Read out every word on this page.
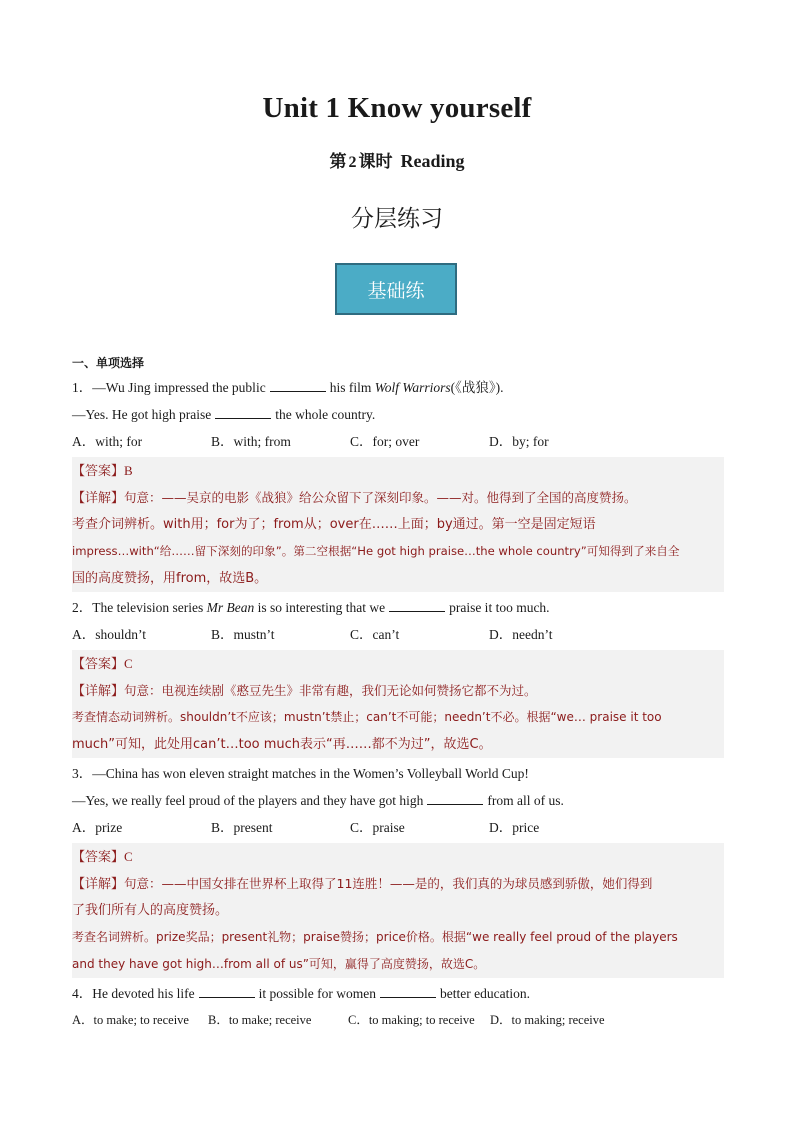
Unit 1 Know yourself
第 2 课时 Reading
分层练习
基础练
一、单项选择
1．—Wu Jing impressed the public	his film Wolf Warriors(《战狼》).
—Yes. He got high praise	the whole country.
A．with; for	B．with; from	C．for; over	D．by; for
【答案】B
【详解】句意：——吴京的电影《战狼》给公众留下了深刻印象。——对。他得到了全国的高度赞扬。
考查介词辨析。with用；for为了；from从；over在……上面；by通过。第一空是固定短语
impress…with“给……留下深刻的印象”。第二空根据“He got high praise…the whole country”可知得到了来自全
国的高度赞扬，用from，故选B。
2．The television series Mr Bean is so interesting that we	praise it too much.
A．shouldn’t	B．mustn’t	C．can’t	D．needn’t
【答案】C
【详解】句意：电视连续剧《憨豆先生》非常有趣，我们无论如何赞扬它都不为过。
考查情态动词辨析。shouldn’t不应该；mustn’t禁止；can’t不可能；needn’t不必。根据“we… praise it too
much”可知，此处用can’t…too much表示“再……都不为过”，故选C。
3．—China has won eleven straight matches in the Women’s Volleyball World Cup!
—Yes, we really feel proud of the players and they have got high	from all of us.
A．prize	B．present	C．praise	D．price
【答案】C
【详解】句意：——中国女排在世界杯上取得了11连胜！——是的，我们真的为球员感到骄傲，她们得到
了我们所有人的高度赞扬。
考查名词辨析。prize奖品；present礼物；praise赞扬；price价格。根据“we really feel proud of the players
and they have got high…from all of us”可知，赢得了高度赞扬，故选C。
4．He devoted his life	it possible for women	better education.
A．to make; to receive	B．to make; receive	C．to making; to receive	D．to making; receive
